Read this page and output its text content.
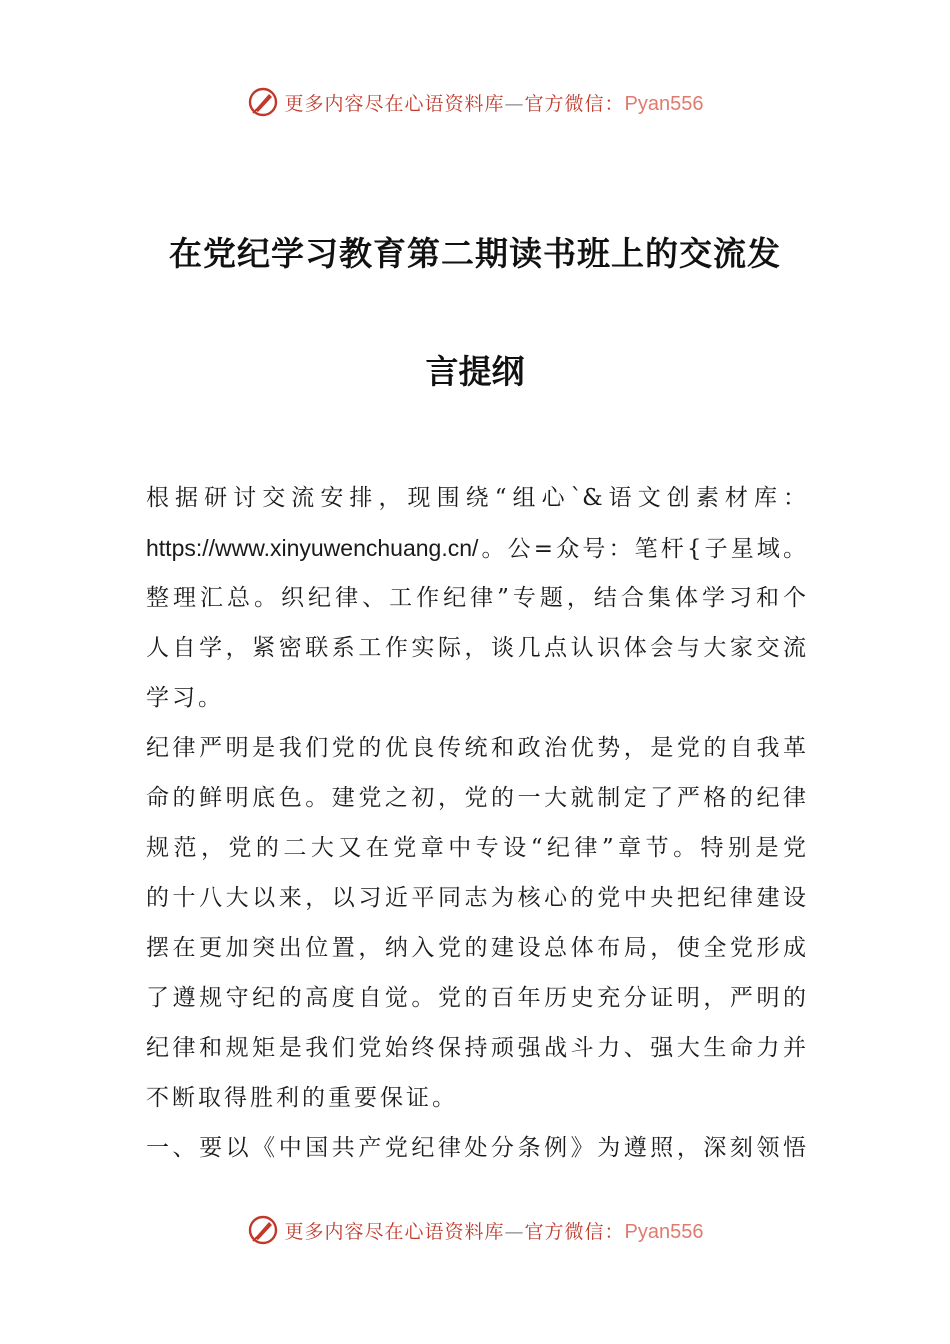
更多内容尽在心语资料库—官方微信：Pyan556
在党纪学习教育第二期读书班上的交流发
言提纲
根据研讨交流安排，现围绕“组心`&语文创素材库：
https://www.xinyuwenchuang.cn/。公=众号：笔杆{子星域。
整理汇总。织纪律、工作纪律”专题，结合集体学习和个
人自学，紧密联系工作实际，谈几点认识体会与大家交流
学习。
纪律严明是我们党的优良传统和政治优势，是党的自我革
命的鲜明底色。建党之初，党的一大就制定了严格的纪律
规范，党的二大又在党章中专设“纪律”章节。特别是党
的十八大以来，以习近平同志为核心的党中央把纪律建设
摆在更加突出位置，纳入党的建设总体布局，使全党形成
了遵规守纪的高度自觉。党的百年历史充分证明，严明的
纪律和规矩是我们党始终保持顽强战斗力、强大生命力并
不断取得胜利的重要保证。
一、要以《中国共产党纪律处分条例》为遵照，深刻领悟
更多内容尽在心语资料库—官方微信：Pyan556
